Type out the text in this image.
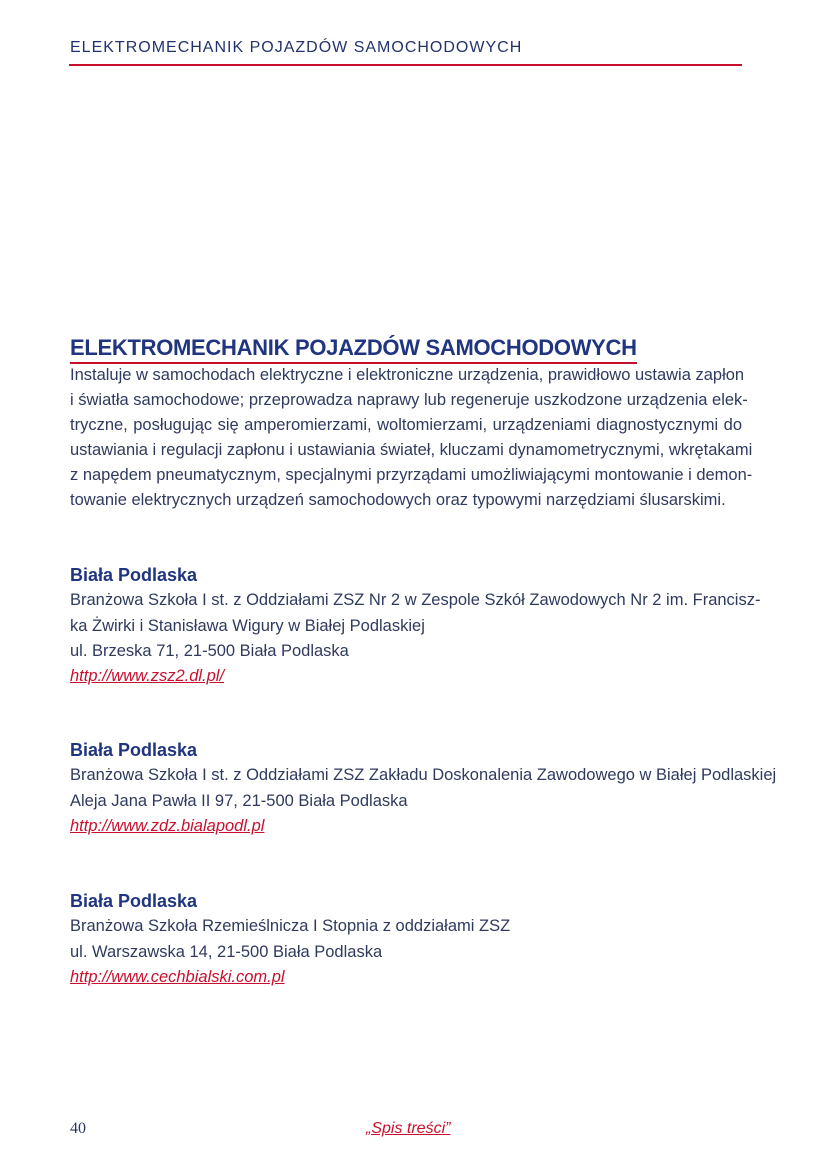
ELEKTROMECHANIK POJAZDÓW SAMOCHODOWYCH
ELEKTROMECHANIK POJAZDÓW SAMOCHODOWYCH
Instaluje w samochodach elektryczne i elektroniczne urządzenia, prawidłowo ustawia zapłon
i światła samochodowe; przeprowadza naprawy lub regeneruje uszkodzone urządzenia elek-
tryczne, posługując się amperomierzami, woltomierzami, urządzeniami diagnostycznymi do
ustawiania i regulacji zapłonu i ustawiania świateł, kluczami dynamometrycznymi, wkrętakami
z napędem pneumatycznym, specjalnymi przyrządami umożliwiającymi montowanie i demon-
towanie elektrycznych urządzeń samochodowych oraz typowymi narzędziami ślusarskimi.
Biała Podlaska
Branżowa Szkoła I st. z Oddziałami ZSZ Nr 2 w Zespole Szkół Zawodowych Nr 2 im. Francisz-
ka Żwirki i Stanisława Wigury w Białej Podlaskiej
ul. Brzeska 71, 21-500 Biała Podlaska
http://www.zsz2.dl.pl/
Biała Podlaska
Branżowa Szkoła I st. z Oddziałami ZSZ Zakładu Doskonalenia Zawodowego w Białej Podlaskiej
Aleja Jana Pawła II 97, 21-500 Biała Podlaska
http://www.zdz.bialapodl.pl
Biała Podlaska
Branżowa Szkoła Rzemieślnicza I Stopnia z oddziałami ZSZ
ul. Warszawska 14, 21-500 Biała Podlaska
http://www.cechbialski.com.pl
40	„Spis treści”
